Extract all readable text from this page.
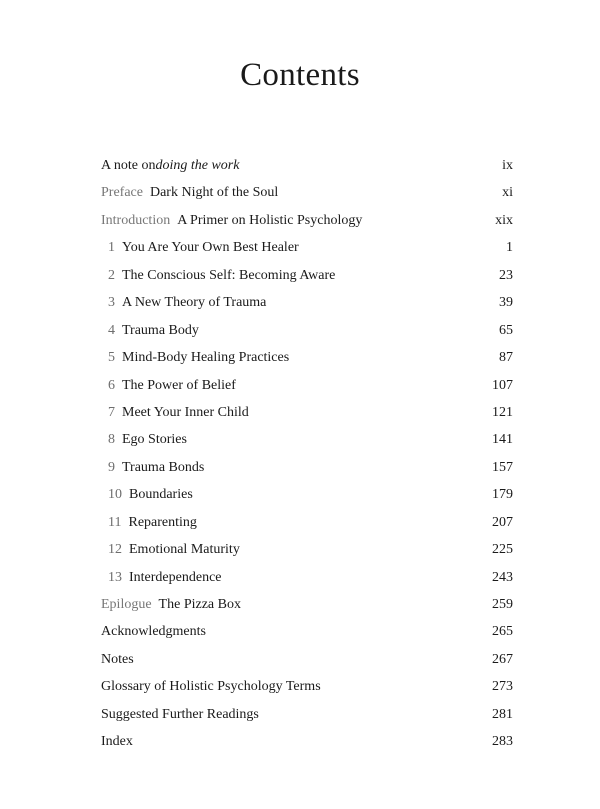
Contents
A note on doing the work	ix
Preface Dark Night of the Soul	xi
Introduction A Primer on Holistic Psychology	xix
1 You Are Your Own Best Healer	1
2 The Conscious Self: Becoming Aware	23
3 A New Theory of Trauma	39
4 Trauma Body	65
5 Mind-Body Healing Practices	87
6 The Power of Belief	107
7 Meet Your Inner Child	121
8 Ego Stories	141
9 Trauma Bonds	157
10 Boundaries	179
11 Reparenting	207
12 Emotional Maturity	225
13 Interdependence	243
Epilogue The Pizza Box	259
Acknowledgments	265
Notes	267
Glossary of Holistic Psychology Terms	273
Suggested Further Readings	281
Index	283
